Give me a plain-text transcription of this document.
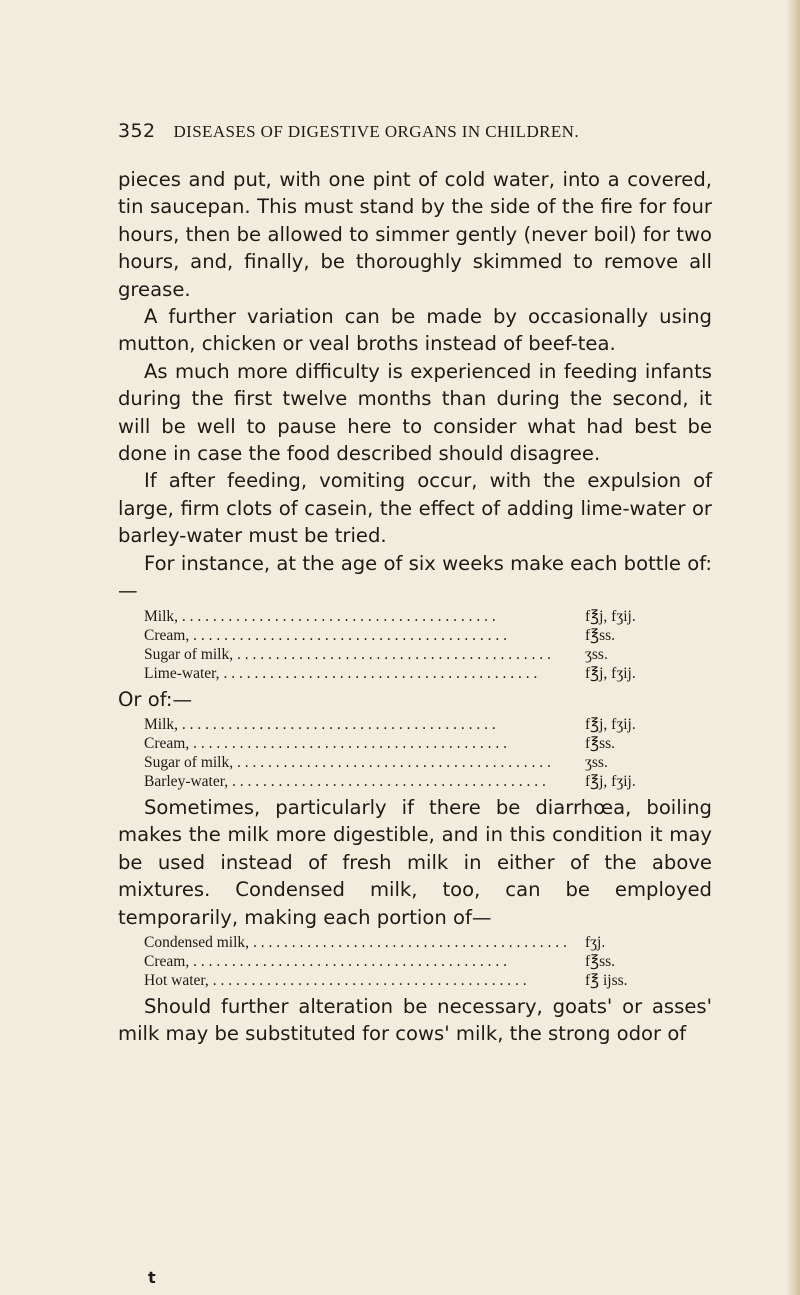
352 DISEASES OF DIGESTIVE ORGANS IN CHILDREN.

pieces and put, with one pint of cold water, into a covered, tin saucepan. This must stand by the side of the fire for four hours, then be allowed to simmer gently (never boil) for two hours, and, finally, be thoroughly skimmed to remove all grease.

A further variation can be made by occasionally using mutton, chicken or veal broths instead of beef-tea.

As much more difficulty is experienced in feeding infants during the first twelve months than during the second, it will be well to pause here to consider what had best be done in case the food described should disagree.

If after feeding, vomiting occur, with the expulsion of large, firm clots of casein, the effect of adding lime-water or barley-water must be tried.

For instance, at the age of six weeks make each bottle of:—

Milk, . . .	f℥j, fʒij.
Cream, . . .	f℥ss.
Sugar of milk, . . .	ʒss.
Lime-water, . . .	f℥j, fʒij.

Or of:—

Milk, . . .	f℥j, fʒij.
Cream, . . .	f℥ss.
Sugar of milk, . . .	ʒss.
Barley-water, . . .	f℥j, fʒij.

Sometimes, particularly if there be diarrhœa, boiling makes the milk more digestible, and in this condition it may be used instead of fresh milk in either of the above mixtures. Condensed milk, too, can be employed temporarily, making each portion of—

Condensed milk, . . .	fʒj.
Cream, . . .	f℥ss.
Hot water, . . .	f℥ ijss.

Should further alteration be necessary, goats' or asses' milk may be substituted for cows' milk, the strong odor of

t
